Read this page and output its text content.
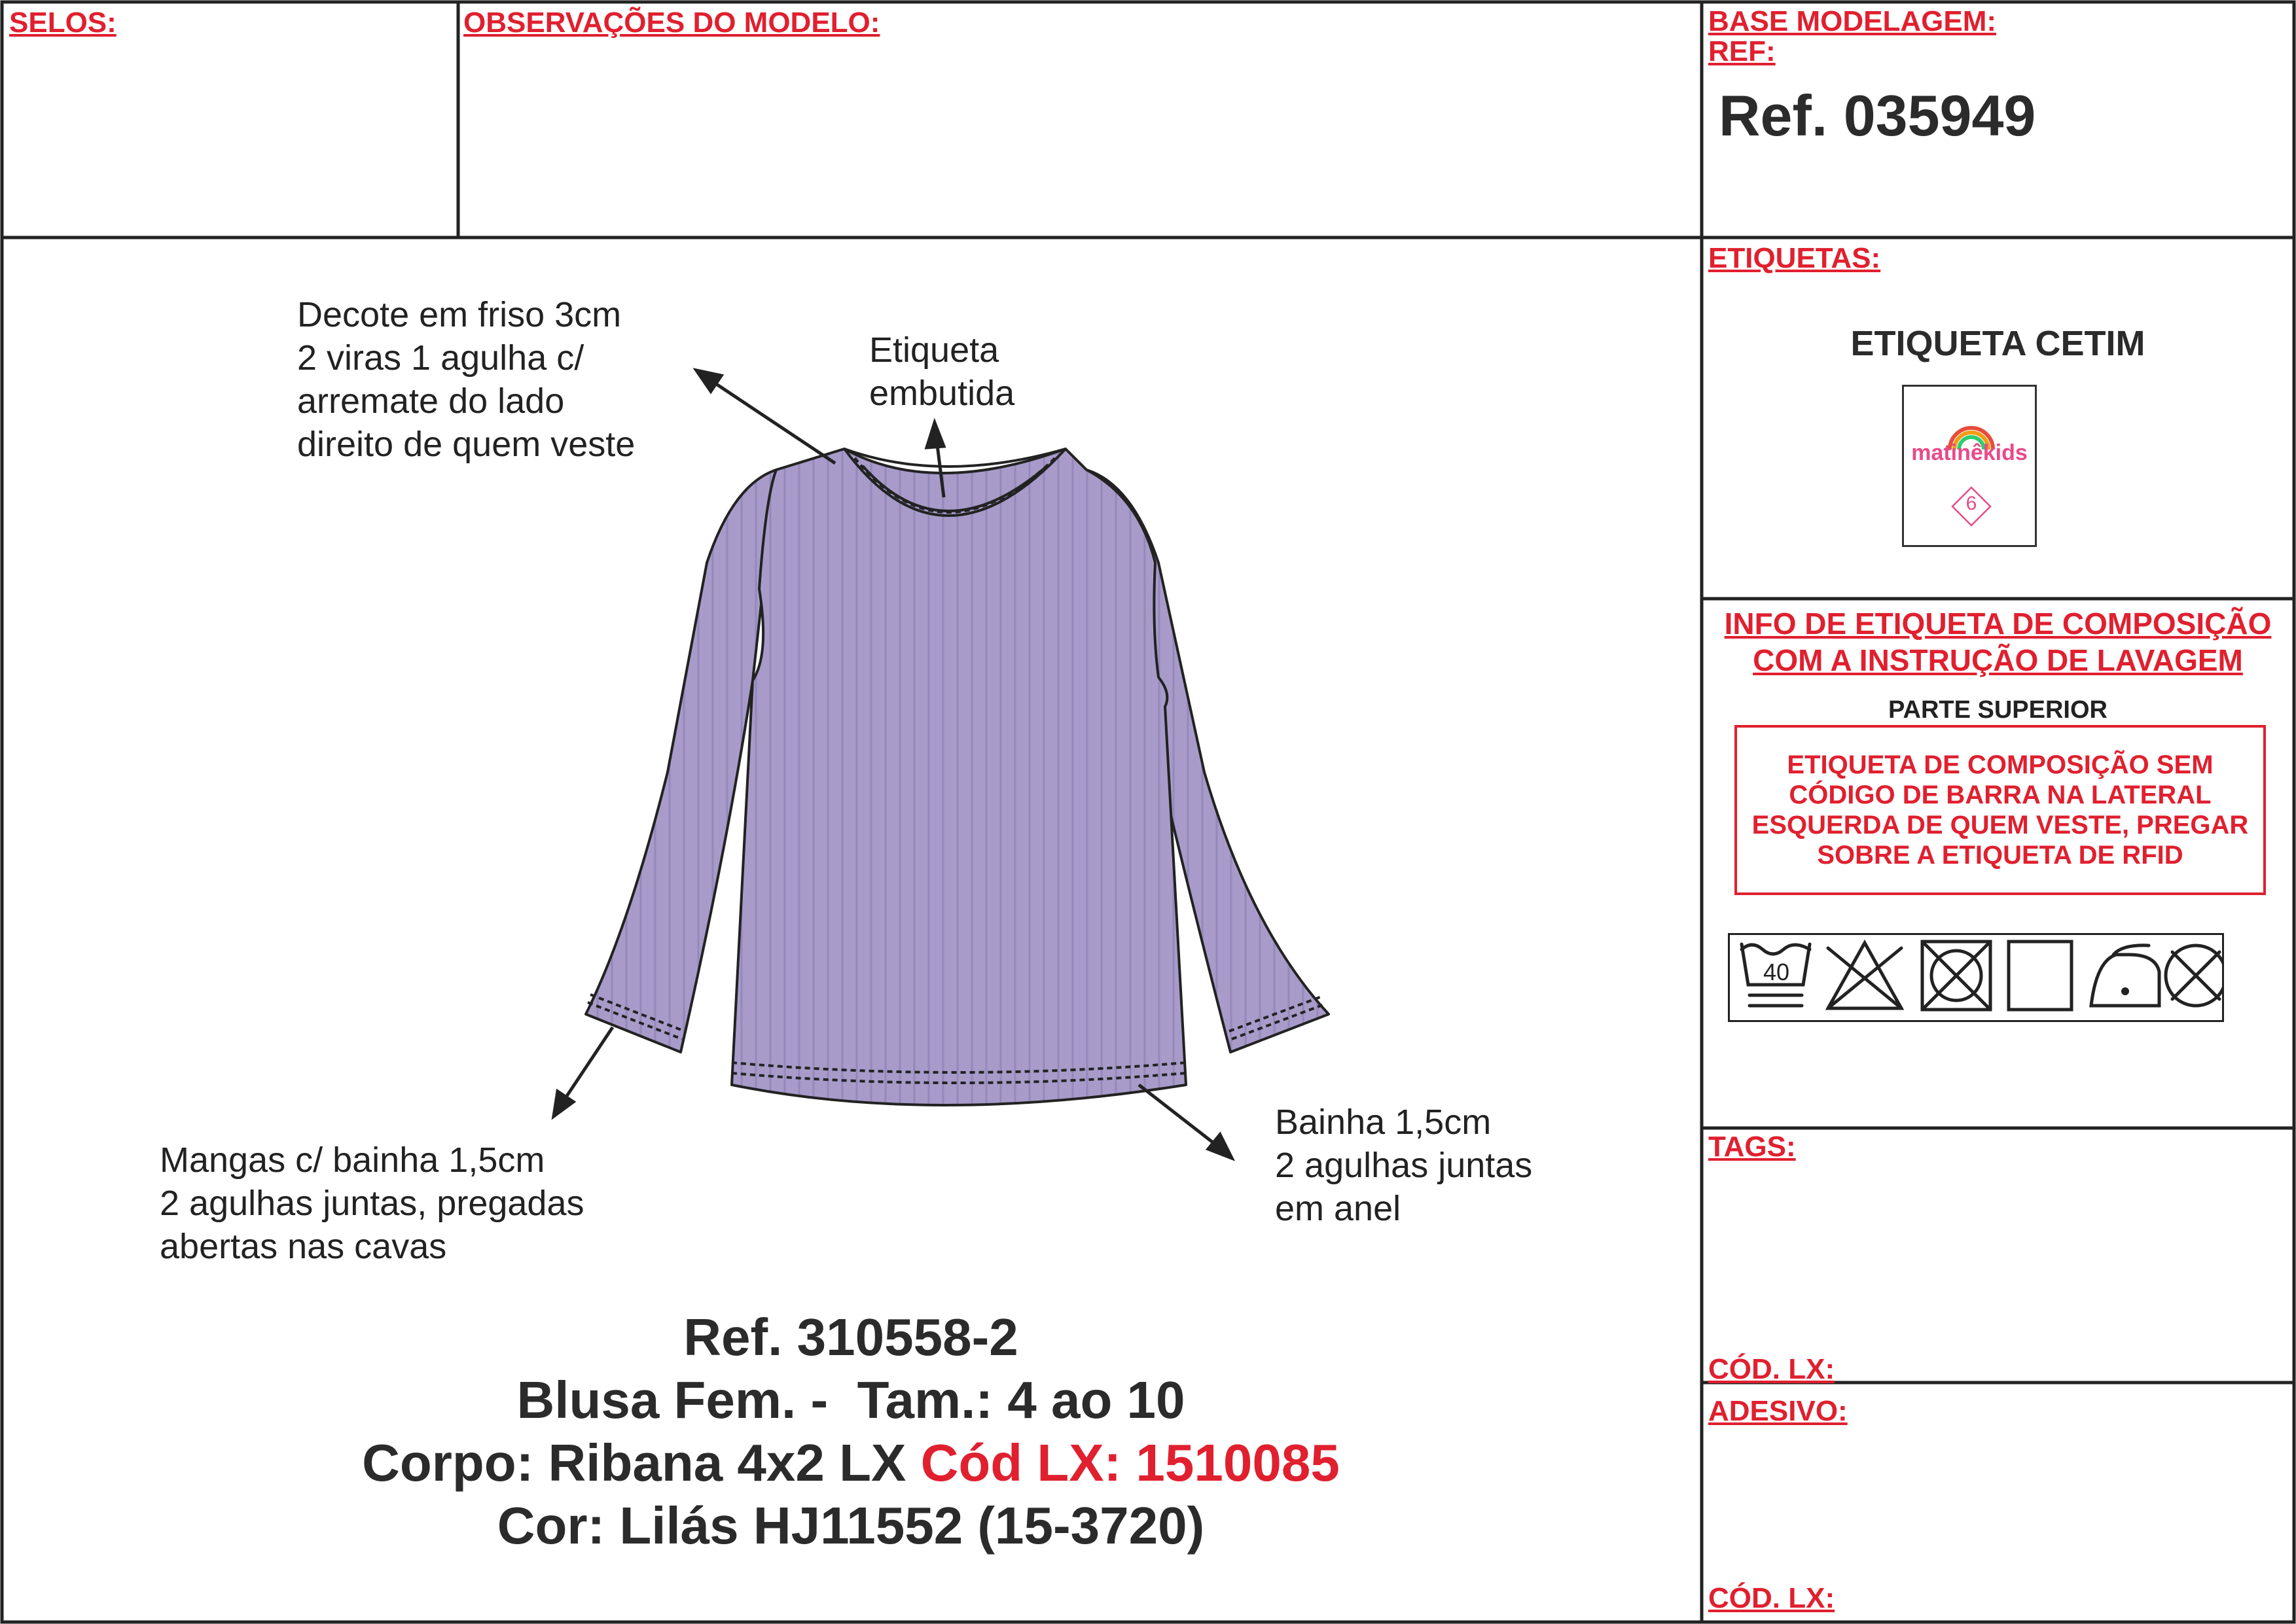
SELOS:	OBSERVAÇÕES DO MODELO:	BASE MODELAGEM:
REF:
Ref. 035949
ETIQUETAS:
ETIQUETA CETIM
matinêkids
6
INFO DE ETIQUETA DE COMPOSIÇÃO
COM A INSTRUÇÃO DE LAVAGEM
PARTE SUPERIOR
ETIQUETA DE COMPOSIÇÃO SEM
CÓDIGO DE BARRA NA LATERAL
ESQUERDA DE QUEM VESTE, PREGAR
SOBRE A ETIQUETA DE RFID
40
TAGS:
CÓD. LX:
ADESIVO:
CÓD. LX:
Decote em friso 3cm
2 viras 1 agulha c/
arremate do lado
direito de quem veste
Etiqueta
embutida
Mangas c/ bainha 1,5cm
2 agulhas juntas, pregadas
abertas nas cavas
Bainha 1,5cm
2 agulhas juntas
em anel
Ref. 310558-2
Blusa Fem. -  Tam.: 4 ao 10
Corpo: Ribana 4x2 LX Cód LX: 1510085
Cor: Lilás HJ11552 (15-3720)
